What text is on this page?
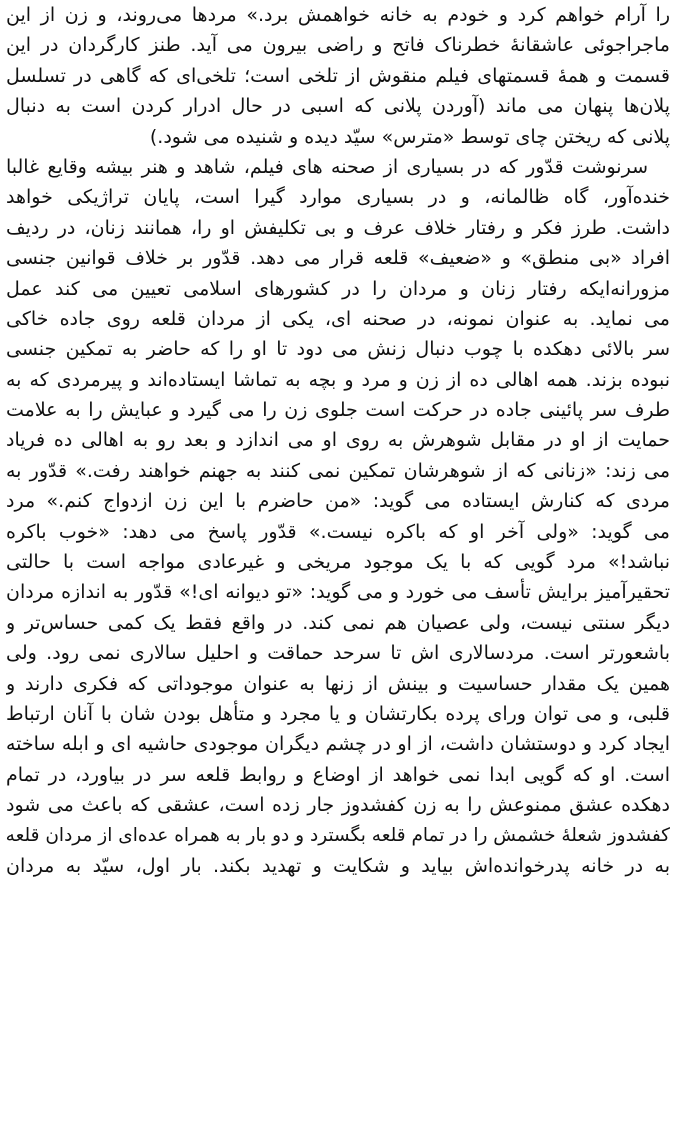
را آرام خواهم کرد و خودم به خانه خواهمش برد.» مردها می‌روند، و زن از این
ماجراجوئی عاشقانهٔ خطرناک فاتح و راضی بیرون می آید. طنز کارگردان در این
قسمت و همهٔ قسمتهای فیلم منقوش از تلخی است؛ تلخی‌ای که گاهی در تسلسل
پلان‌ها پنهان می ماند (آوردن پلانی که اسبی در حال ادرار کردن است به دنبال
پلانی که ریختن چای توسط «مترس» سیّد دیده و شنیده می شود.)
سرنوشت قدّور که در بسیاری از صحنه های فیلم، شاهد و هنر بیشه وقایع غالبا
خنده‌آور، گاه ظالمانه، و در بسیاری موارد گیرا است، پایان تراژیکی خواهد
داشت. طرز فکر و رفتار خلاف عرف و بی تکلیفش او را، همانند زنان، در ردیف
افراد «بی منطق» و «ضعیف» قلعه قرار می دهد. قدّور بر خلاف قوانین جنسی
مزورانه‌ایکه رفتار زنان و مردان را در کشورهای اسلامی تعیین می کند عمل
می نماید. به عنوان نمونه، در صحنه ای، یکی از مردان قلعه روی جاده خاکی
سر بالائی دهکده با چوب دنبال زنش می دود تا او را که حاضر به تمکین جنسی
نبوده بزند. همه اهالی ده از زن و مرد و بچه به تماشا ایستاده‌اند و پیرمردی که به
طرف سر پائینی جاده در حرکت است جلوی زن را می گیرد و عبایش را به علامت
حمایت از او در مقابل شوهرش به روی او می اندازد و بعد رو به اهالی ده فریاد
می زند: «زنانی که از شوهرشان تمکین نمی کنند به جهنم خواهند رفت.» قدّور به
مردی که کنارش ایستاده می گوید: «من حاضرم با این زن ازدواج کنم.» مرد
می گوید: «ولی آخر او که باکره نیست.» قدّور پاسخ می دهد: «خوب باکره
نباشد!» مرد گویی که با یک موجود مریخی و غیرعادی مواجه است با حالتی
تحقیرآمیز برایش تأسف می خورد و می گوید: «تو دیوانه ای!» قدّور به اندازه مردان
دیگر سنتی نیست، ولی عصیان هم نمی کند. در واقع فقط یک کمی حساس‌تر و
باشعورتر است. مردسالاری اش تا سرحد حماقت و احلیل سالاری نمی رود. ولی
همین یک مقدار حساسیت و بینش از زنها به عنوان موجوداتی که فکری دارند و
قلبی، و می توان ورای پرده بکارتشان و یا مجرد و متأهل بودن شان با آنان ارتباط
ایجاد کرد و دوستشان داشت، از او در چشم دیگران موجودی حاشیه ای و ابله ساخته
است. او که گویی ابدا نمی خواهد از اوضاع و روابط قلعه سر در بیاورد، در تمام
دهکده عشق ممنوعش را به زن کفشدوز جار زده است، عشقی که باعث می شود
کفشدوز شعلهٔ خشمش را در تمام قلعه بگسترد و دو بار به همراه عده‌ای از مردان قلعه
به در خانه پدرخوانده‌اش بیاید و شکایت و تهدید بکند. بار اول، سیّد به مردان
